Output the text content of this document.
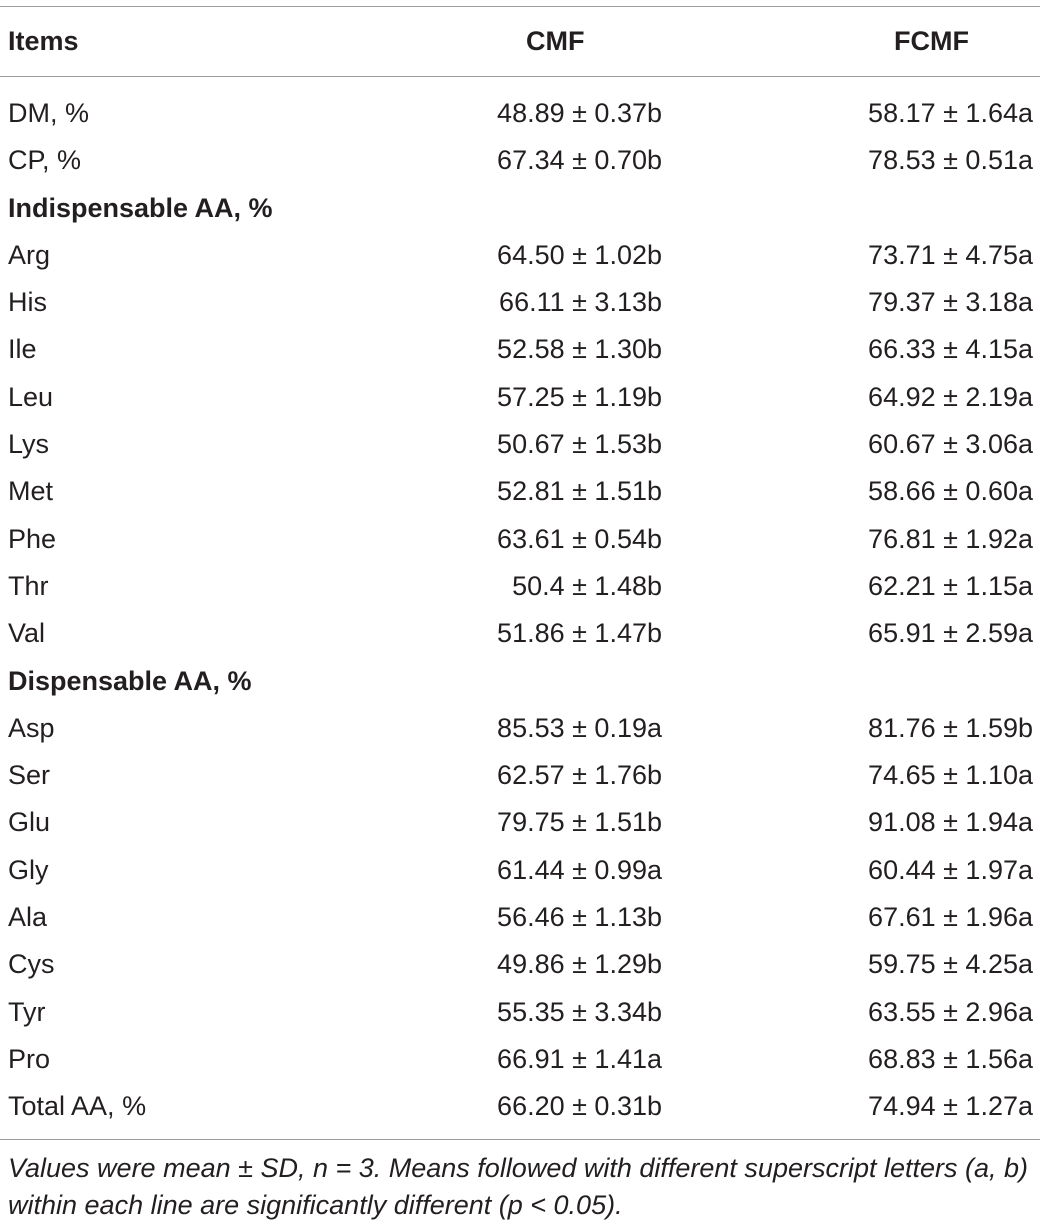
Items	CMF	FCMF
DM, %	48.89 ± 0.37b	58.17 ± 1.64a
CP, %	67.34 ± 0.70b	78.53 ± 0.51a
Indispensable AA, %
Arg	64.50 ± 1.02b	73.71 ± 4.75a
His	66.11 ± 3.13b	79.37 ± 3.18a
Ile	52.58 ± 1.30b	66.33 ± 4.15a
Leu	57.25 ± 1.19b	64.92 ± 2.19a
Lys	50.67 ± 1.53b	60.67 ± 3.06a
Met	52.81 ± 1.51b	58.66 ± 0.60a
Phe	63.61 ± 0.54b	76.81 ± 1.92a
Thr	50.4 ± 1.48b	62.21 ± 1.15a
Val	51.86 ± 1.47b	65.91 ± 2.59a
Dispensable AA, %
Asp	85.53 ± 0.19a	81.76 ± 1.59b
Ser	62.57 ± 1.76b	74.65 ± 1.10a
Glu	79.75 ± 1.51b	91.08 ± 1.94a
Gly	61.44 ± 0.99a	60.44 ± 1.97a
Ala	56.46 ± 1.13b	67.61 ± 1.96a
Cys	49.86 ± 1.29b	59.75 ± 4.25a
Tyr	55.35 ± 3.34b	63.55 ± 2.96a
Pro	66.91 ± 1.41a	68.83 ± 1.56a
Total AA, %	66.20 ± 0.31b	74.94 ± 1.27a
Values were mean ± SD, n = 3. Means followed with different superscript letters (a, b) within each line are significantly different (p < 0.05).
